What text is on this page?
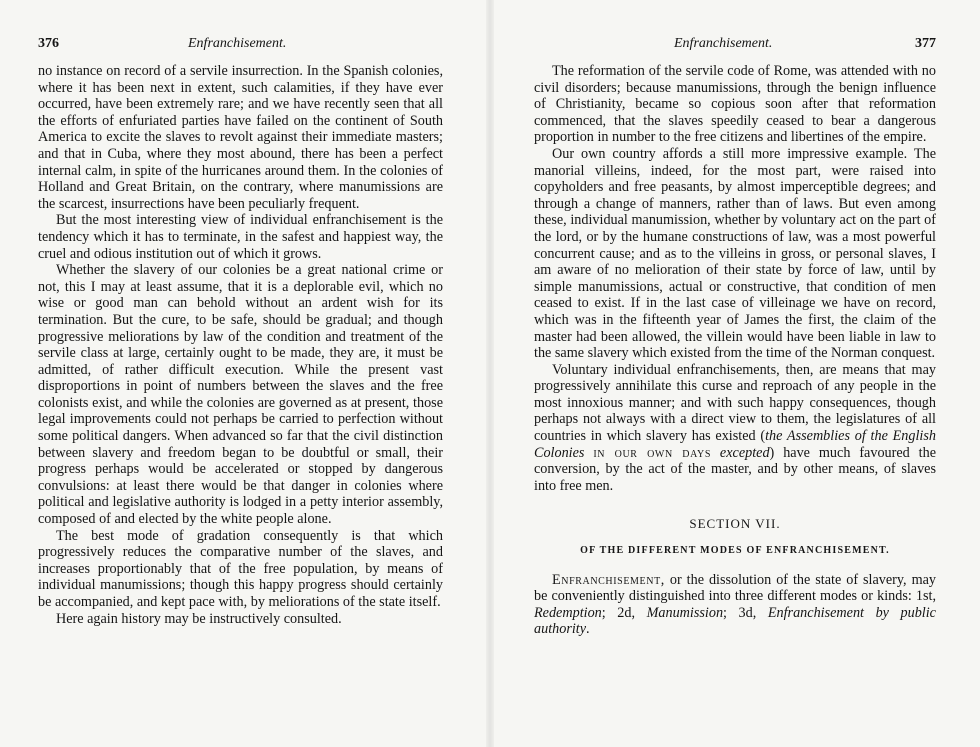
376	Enfranchisement.

no instance on record of a servile insurrection. In the Spanish colonies, where it has been next in extent, such calamities, if they have ever occurred, have been extremely rare; and we have recently seen that all the efforts of enfuriated parties have failed on the continent of South America to excite the slaves to revolt against their immediate masters; and that in Cuba, where they most abound, there has been a perfect internal calm, in spite of the hurricanes around them. In the colonies of Holland and Great Britain, on the contrary, where manumissions are the scarcest, insurrections have been peculiarly frequent.

But the most interesting view of individual enfranchisement is the tendency which it has to terminate, in the safest and happiest way, the cruel and odious institution out of which it grows.

Whether the slavery of our colonies be a great national crime or not, this I may at least assume, that it is a deplorable evil, which no wise or good man can behold without an ardent wish for its termination. But the cure, to be safe, should be gradual; and though progressive meliorations by law of the condition and treatment of the servile class at large, certainly ought to be made, they are, it must be admitted, of rather difficult execution. While the present vast disproportions in point of numbers between the slaves and the free colonists exist, and while the colonies are governed as at present, those legal improvements could not perhaps be carried to perfection without some political dangers. When advanced so far that the civil distinction between slavery and freedom began to be doubtful or small, their progress perhaps would be accelerated or stopped by dangerous convulsions: at least there would be that danger in colonies where political and legislative authority is lodged in a petty interior assembly, composed of and elected by the white people alone.

The best mode of gradation consequently is that which progressively reduces the comparative number of the slaves, and increases proportionably that of the free population, by means of individual manumissions; though this happy progress should certainly be accompanied, and kept pace with, by meliorations of the state itself.

Here again history may be instructively consulted.

Enfranchisement.	377

The reformation of the servile code of Rome, was attended with no civil disorders; because manumissions, through the benign influence of Christianity, became so copious soon after that reformation commenced, that the slaves speedily ceased to bear a dangerous proportion in number to the free citizens and libertines of the empire.

Our own country affords a still more impressive example. The manorial villeins, indeed, for the most part, were raised into copyholders and free peasants, by almost imperceptible degrees; and through a change of manners, rather than of laws. But even among these, individual manumission, whether by voluntary act on the part of the lord, or by the humane constructions of law, was a most powerful concurrent cause; and as to the villeins in gross, or personal slaves, I am aware of no melioration of their state by force of law, until by simple manumissions, actual or constructive, that condition of men ceased to exist. If in the last case of villeinage we have on record, which was in the fifteenth year of James the first, the claim of the master had been allowed, the villein would have been liable in law to the same slavery which existed from the time of the Norman conquest.

Voluntary individual enfranchisements, then, are means that may progressively annihilate this curse and reproach of any people in the most innoxious manner; and with such happy consequences, though perhaps not always with a direct view to them, the legislatures of all countries in which slavery has existed (the Assemblies of the English Colonies in our own days excepted) have much favoured the conversion, by the act of the master, and by other means, of slaves into free men.

SECTION VII.
OF THE DIFFERENT MODES OF ENFRANCHISEMENT.

Enfranchisement, or the dissolution of the state of slavery, may be conveniently distinguished into three different modes or kinds: 1st, Redemption; 2d, Manumission; 3d, Enfranchisement by public authority.
